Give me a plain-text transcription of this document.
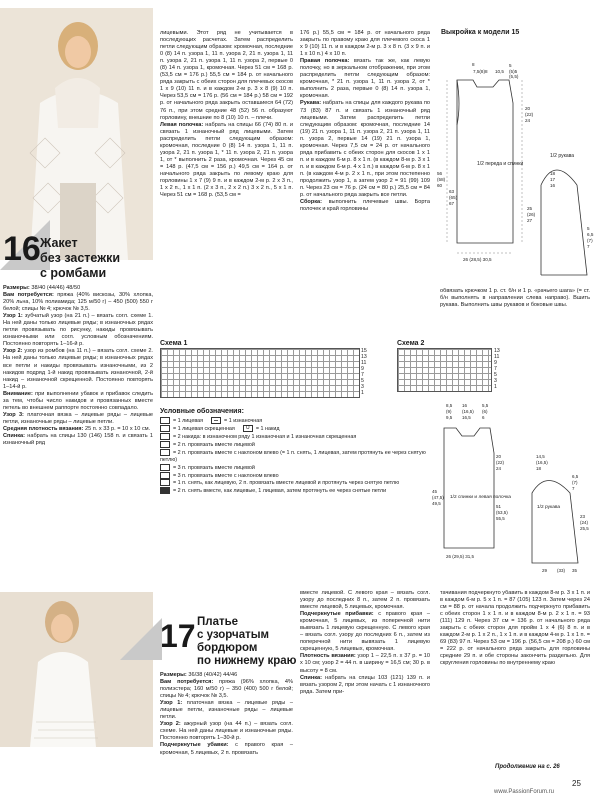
16 Жакет
без застежки
с ромбами

Размеры: 38/40 (44/46) 48/50

Вам потребуется: пряжа (40% вискозы, 30% хлопка, 20% льна, 10% полиамида; 125 м/50 г) – 450 (500) 550 г белой; спицы № 4; крючок № 3,5.

Узор 1: зубчатый узор (на 21 п.) – вязать согл. схеме 1. На ней даны только лицевые ряды; в изнаночных рядах петли провязывать по рисунку, накиды провязывать изнаночными или согл. условным обозначениям. Постоянно повторять 1–16-й р.

Узор 2: узор из ромбов (на 11 п.) – вязать согл. схеме 2. На ней даны только лицевые ряды; в изнаночных рядах все петли и накиды провязывать изнаночными, из 2 накидов подряд 1-й накид провязывать изнаночной, 2-й накид – изнаночной скрещенной. Постоянно повторять 1–14-й р.

Внимание: при выполнении убавок и прибавок следить за тем, чтобы число накидов и провязанных вместе петель во внешнем раппорте постоянно совпадало.

Узор 3: платочная вязка – лицевые ряды – лицевые петли, изнаночные ряды – лицевые петли.

Средняя плотность вязания: 25 п. х 33 р. = 10 х 10 см.

Спинка: набрать на спицы 130 (146) 158 п. и связать 1 изнаночный ряд

лицевыми. Этот ряд не учитывается в последующих расчетах. Затем распределить петли следующим образом: кромочная, последние 0 (8) 14 п. узора 1, 11 п. узора 2, 21 п. узора 1, 11 п. узора 2, 21 п. узора 1, 11 п. узора 2, первые 0 (8) 14 п. узора 1, кромочная. Через 51 см = 168 р. (53,5 см = 176 р.) 55,5 см = 184 р. от начального ряда закрыть с обеих сторон для плечевых скосов 1 х 9 (10) 11 п. и в каждом 2-м р. 3 х 8 (9) 10 п. Через 53,5 см = 176 р. (56 см = 184 р.) 58 см = 192 р. от начального ряда закрыть оставшиеся 64 (72) 76 п., при этом средние 48 (52) 56 п. образуют горловину, внешние по 8 (10) 10 п. – плечи.

Левая полочка: набрать на спицы 66 (74) 80 п. и связать 1 изнаночный ряд лицевыми. Затем распределить петли следующим образом: кромочная, последние 0 (8) 14 п. узора 1, 11 п. узора 2, 21 п. узора 1, * 11 п. узора 2, 21 п. узора 1, от * выполнить 2 раза, кромочная. Через 45 см = 148 р. (47,5 см = 156 р.) 49,5 см = 164 р. от начального ряда закрыть по левому краю для горловины 1 х 7 (9) 9 п. и в каждом 2-м р. 2 х 3 п., 1 х 2 п., 1 х 1 п. (2 х 3 п., 2 х 2 п.) 3 х 2 п., 5 х 1 п. Через 51 см = 168 р. (53,5 см =

176 р.) 55,5 см = 184 р. от начального ряда закрыть по правому краю для плечевого скоса 1 х 9 (10) 11 п. и в каждом 2-м р. 3 х 8 п. (3 х 9 п. и 1 х 10 п.) 4 х 10 п.

Правая полочка: вязать так же, как левую полочку, но в зеркальном отображении, при этом распределить петли следующим образом: кромочная, * 21 п. узора 1, 11 п. узора 2, от * выполнить 2 раза, первые 0 (8) 14 п. узора 1, кромочная.

Рукава: набрать на спицы для каждого рукава по 73 (83) 87 п. и связать 1 изнаночный ряд лицевыми. Затем распределить петли следующим образом: кромочная, последние 14 (19) 21 п. узора 1, 11 п. узора 2, 21 п. узора 1, 11 п. узора 2, первые 14 (19) 21 п. узора 1, кромочная. Через 7,5 см = 24 р. от начального ряда прибавить с обеих сторон для скосов 1 х 1 п. и в каждом 6-м р. 8 х 1 п. (в каждом 8-м р. 3 х 1 п. и в каждом 6-м р. 4 х 1 п.) в каждом 6-м р. 8 х 1 п. (в каждом 4-м р. 2 х 1 п., при этом постепенно продолжить узор 1, а затем узор 2 = 91 (99) 109 п. Через 23 см = 76 р. (24 см = 80 р.) 25,5 см = 84 р. от начального ряда закрыть все петли.

Сборка: выполнить плечевые швы. Борта полочек и край горловины

обвязать крючком 1 р. ст. б/н и 1 р. «рачьего шага» (= ст. б/н выполнять в направлении слева направо). Вшить рукава. Выполнить швы рукавов и боковые швы.

Выкройка к модели 15
8
7,5(8)8 10,5
5
(5)5
(5,5)
20
(22)
24
56
(58)
60
63
(65)
67
26 (28,5) 30,5
18
17
16
25
(26)
27
5
6,5
(7)
7
1/2 переда и спинки
1/2 рукава
Схема 1
15
13
11
9
7
5
3
1
Схема 2
13
11
9
7
5
3
1
Условные обозначения:
= 1 лицевая	= 1 изнаночная
= 1 лицевая скрещенная	U = 1 накид
= 2 накида: в изнаночном ряду 1 изнаночная и 1 изнаночная скрещенная
= 2 п. провязать вместе лицевой
= 2 п. провязать вместе с наклоном влево (= 1 п. снять, 1 лицевая, затем протянуть ее через снятую петлю)
= 3 п. провязать вместе лицевой
= 3 п. провязать вместе с наклоном влево
= 1 п. снять, как лицевую, 2 п. провязать вместе лицевой и протянуть через снятую петлю
= 2 п. снять вместе, как лицевые, 1 лицевая, затем протянуть ее через снятые петли
8,5 16	5,5
(9) (16,5) (6)
9,5 16,5 6
20
(22)
24
45
(47,5)
49,5
51
(53,5)
55,5
26 (29,5) 31,5
14,5
(16,5)
18
6,5
(7)
7
23
(24)
25,5
29 (33) 35
1/2 спинки и левая полочка
1/2 рукава
17 Платье
с узорчатым
бордюром
по нижнему краю

Размеры: 36/38 (40/42) 44/46

Вам потребуется: пряжа (96% хлопка, 4% полиэстера; 160 м/50 г) – 350 (400) 500 г белой; спицы № 4; крючок № 3,5.

Узор 1: платочная вязка – лицевые ряды – лицевые петли, изнаночные ряды – лицевые петли.

Узор 2: ажурный узор (на 44 п.) – вязать согл. схеме. На ней даны лицевые и изнаночные ряды. Постоянно повторять 1–30-й р.

Подчеркнутые убавки: с правого края – кромочная, 5 лицевых, 2 п. провязать

вместе лицевой. С левого края – вязать согл. узору до последних 8 п., затем 2 п. провязать вместе лицевой, 5 лицевых, кромочная.

Подчеркнутые прибавки: с правого края – кромочная, 5 лицевых, из поперечной нити вывязать 1 лицевую скрещенную. С левого края – вязать согл. узору до последних 6 п., затем из поперечной нити вывязать 1 лицевую скрещенную, 5 лицевых, кромочная.

Плотность вязания: узор 1 – 22,5 п. х 37 р. = 10 х 10 см; узор 2 = 44 п. в ширину = 16,5 см; 30 р. в высоту = 8 см.

Спинка: набрать на спицы 103 (121) 139 п. и вязать узором 2, при этом начать с 1 изнаночного ряда. Затем при-

тачивания подчеркнуто убавить в каждом 8-м р. 3 х 1 п. и в каждом 6-м р. 5 х 1 п. = 87 (105) 123 п. Затем через 24 см = 88 р. от начала продолжить подчеркнуто прибавить с обеих сторон 1 х 1 п. и в каждом 8-м р. 2 х 1 п. = 93 (111) 129 п. Через 37 см = 136 р. от начального ряда закрыть с обеих сторон для пройм 1 х 4 (6) 8 п. и в каждом 2-м р. 1 х 2 п., 1 х 1 п. и в каждом 4-м р. 1 х 1 п. = 69 (83) 97 п. Через 53 см = 196 р. (56,5 см = 208 р.) 60 см = 222 р. от начального ряда закрыть для горловины средние 29 п. и обе стороны закончить раздельно. Для скругления горловины по внутреннему краю

Продолжение на с. 26
25
www.PassionForum.ru
